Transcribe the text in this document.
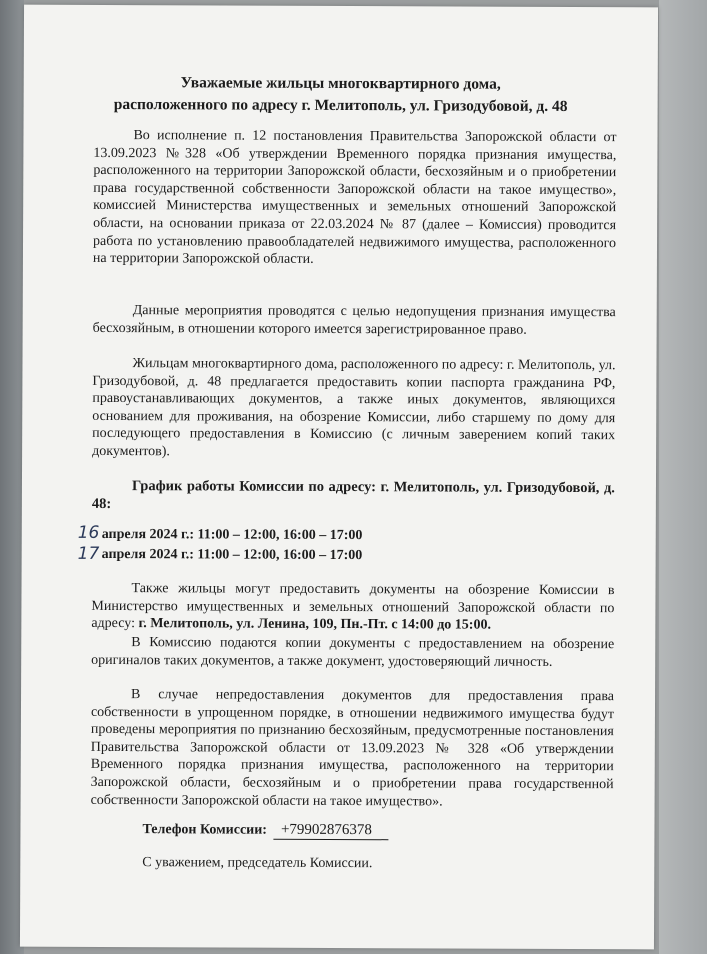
Уважаемые жильцы многоквартирного дома,
расположенного по адресу г. Мелитополь, ул. Гризодубовой, д. 48

Во исполнение п. 12 постановления Правительства Запорожской области от 13.09.2023 №328 «Об утверждении Временного порядка признания имущества, расположенного на территории Запорожской области, бесхозяйным и о приобретении права государственной собственности Запорожской области на такое имущество», комиссией Министерства имущественных и земельных отношений Запорожской области, на основании приказа от 22.03.2024 № 87 (далее – Комиссия) проводится работа по установлению правообладателей недвижимого имущества, расположенного на территории Запорожской области.

Данные мероприятия проводятся с целью недопущения признания имущества бесхозяйным, в отношении которого имеется зарегистрированное право.

Жильцам многоквартирного дома, расположенного по адресу: г. Мелитополь, ул. Гризодубовой, д. 48 предлагается предоставить копии паспорта гражданина РФ, правоустанавливающих документов, а также иных документов, являющихся основанием для проживания, на обозрение Комиссии, либо старшему по дому для последующего предоставления в Комиссию (с личным заверением копий таких документов).

График работы Комиссии по адресу: г. Мелитополь, ул. Гризодубовой, д. 48:

16 апреля 2024 г.: 11:00 – 12:00, 16:00 – 17:00
17 апреля 2024 г.: 11:00 – 12:00, 16:00 – 17:00

Также жильцы могут предоставить документы на обозрение Комиссии в Министерство имущественных и земельных отношений Запорожской области по адресу: г. Мелитополь, ул. Ленина, 109, Пн.-Пт. с 14:00 до 15:00.

В Комиссию подаются копии документы с предоставлением на обозрение оригиналов таких документов, а также документ, удостоверяющий личность.

В случае непредоставления документов для предоставления права собственности в упрощенном порядке, в отношении недвижимого имущества будут проведены мероприятия по признанию бесхозяйным, предусмотренные постановления Правительства Запорожской области от 13.09.2023 № 328 «Об утверждении Временного порядка признания имущества, расположенного на территории Запорожской области, бесхозяйным и о приобретении права государственной собственности Запорожской области на такое имущество».

Телефон Комиссии: +79902876378
С уважением, председатель Комиссии.
